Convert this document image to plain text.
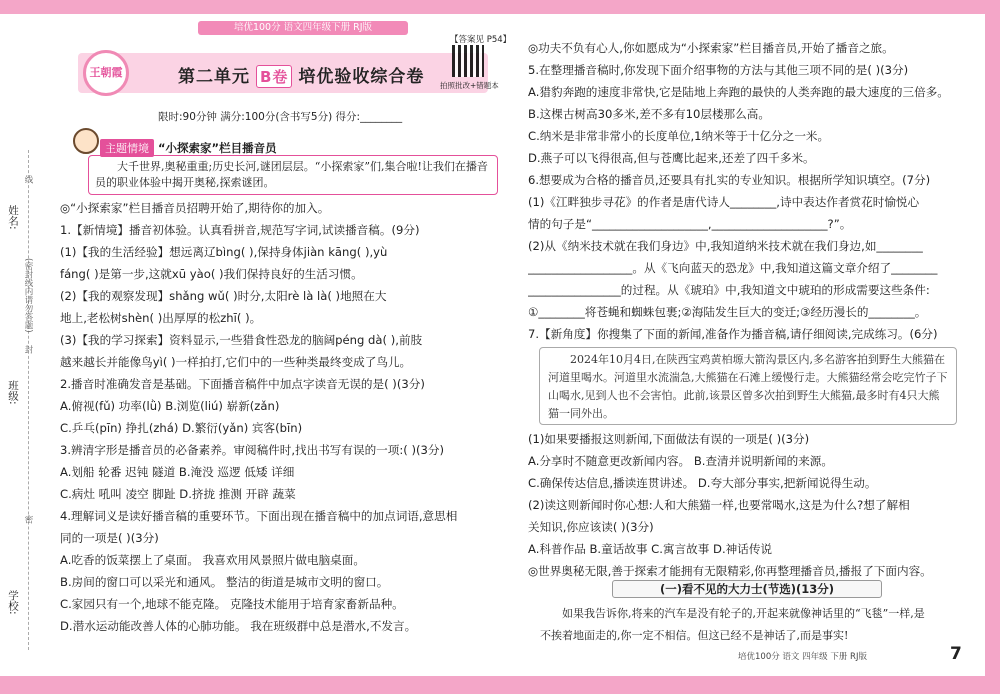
姓名:
(密封线内请勿答题)
班级:
学校:
线
封
密
培优100分 语文四年级下册 RJ版
【答案见 P54】
第二单元 B卷 培优验收综合卷
王朝霞
拍照批改+错题本
限时:90分钟 满分:100分(含书写5分) 得分:________
主题情境 “小探索家”栏目播音员
大千世界,奥秘重重;历史长河,谜团层层。“小探索家”们,集合啦!让我们在播音员的职业体验中揭开奥秘,探索谜团。
◎“小探索家”栏目播音员招聘开始了,期待你的加入。
1.【新情境】播音初体验。认真看拼音,规范写字词,试读播音稿。(9分)
(1)【我的生活经验】想远离辽bìng( ),保持身体jiàn kāng( ),yù
fáng( )是第一步,这就xū yào( )我们保持良好的生活习惯。
(2)【我的观察发现】shǎng wǔ( )时分,太阳rè là là( )地照在大
地上,老松树shèn( )出厚厚的松zhī( )。
(3)【我的学习探索】资料显示,一些猎食性恐龙的脑阔péng dà( ),前肢
越来越长并能像鸟yì( )一样拍打,它们中的一些种类最终变成了鸟儿。
2.播音时准确发音是基础。下面播音稿件中加点字读音无误的是( )(3分)
A.俯视(fǔ) 功率(lǜ) B.浏览(liú) 崭新(zǎn)
C.乒乓(pīn) 挣扎(zhá) D.繁衍(yǎn) 宾客(bīn)
3.辨清字形是播音员的必备素养。审阅稿件时,找出书写有误的一项:( )(3分)
A.划船 轮番 迟钝 隧道 B.淹没 巡逻 低矮 详细
C.病灶 吼叫 凌空 脚趾 D.挤拢 推测 开辟 蔬菜
4.理解词义是读好播音稿的重要环节。下面出现在播音稿中的加点词语,意思相
同的一项是( )(3分)
A.吃香的饭菜摆上了桌面。 我喜欢用风景照片做电脑桌面。
B.房间的窗口可以采光和通风。 整洁的街道是城市文明的窗口。
C.家园只有一个,地球不能克隆。 克隆技术能用于培育家畜新品种。
D.潜水运动能改善人体的心肺功能。 我在班级群中总是潜水,不发言。
◎功夫不负有心人,你如愿成为“小探索家”栏目播音员,开始了播音之旅。
5.在整理播音稿时,你发现下面介绍事物的方法与其他三项不同的是( )(3分)
A.猎豹奔跑的速度非常快,它是陆地上奔跑的最快的人类奔跑的最大速度的三倍多。
B.这棵古树高30多米,差不多有10层楼那么高。
C.纳米是非常非常小的长度单位,1纳米等于十亿分之一米。
D.燕子可以飞得很高,但与苍鹰比起来,还差了四千多米。
6.想要成为合格的播音员,还要具有扎实的专业知识。根据所学知识填空。(7分)
(1)《江畔独步寻花》的作者是唐代诗人________,诗中表达作者赏花时愉悦心
情的句子是“____________________,____________________?”。
(2)从《纳米技术就在我们身边》中,我知道纳米技术就在我们身边,如________
__________________。从《飞向蓝天的恐龙》中,我知道这篇文章介绍了________
________________的过程。从《琥珀》中,我知道文中琥珀的形成需要这些条件:
①________将苍蝇和蜘蛛包裹;②海陆发生巨大的变迁;③经历漫长的________。
7.【新角度】你搜集了下面的新闻,准备作为播音稿,请仔细阅读,完成练习。(6分)
2024年10月4日,在陕西宝鸡黄柏塬大箭沟景区内,多名游客拍到野生大熊猫在河道里喝水。河道里水流湍急,大熊猫在石滩上缓慢行走。大熊猫经常会吃完竹子下山喝水,见到人也不会害怕。此前,该景区曾多次拍到野生大熊猫,最多时有4只大熊猫一同外出。
(1)如果要播报这则新闻,下面做法有误的一项是( )(3分)
A.分享时不随意更改新闻内容。 B.查清并说明新闻的来源。
C.确保传达信息,播读连贯讲述。 D.夸大部分事实,把新闻说得生动。
(2)读这则新闻时你心想:人和大熊猫一样,也要常喝水,这是为什么?想了解相
关知识,你应该读( )(3分)
A.科普作品 B.童话故事 C.寓言故事 D.神话传说
◎世界奥秘无限,善于探索才能拥有无限精彩,你再整理播音员,播报了下面内容。
(一)看不见的大力士(节选)(13分)
如果我告诉你,将来的汽车是没有轮子的,开起来就像神话里的“飞毯”一样,是
不挨着地面走的,你一定不相信。但这已经不是神话了,而是事实!
培优100分 语文 四年级 下册 RJ版	7
